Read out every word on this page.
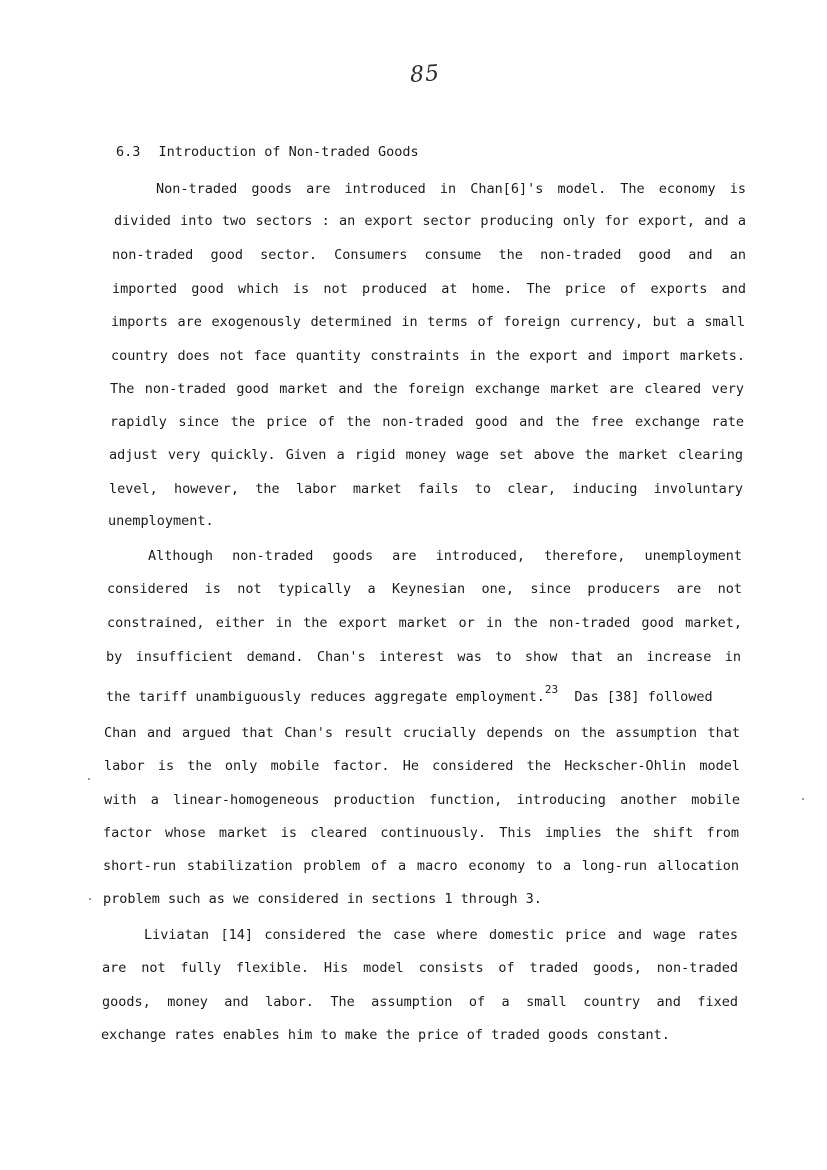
85
6.3 Introduction of Non-traded Goods
Non-traded goods are introduced in Chan[6]'s model. The economy is
divided into two sectors : an export sector producing only for export, and a
non-traded good sector. Consumers consume the non-traded good and an
imported good which is not produced at home. The price of exports and
imports are exogenously determined in terms of foreign currency, but a small
country does not face quantity constraints in the export and import markets.
The non-traded good market and the foreign exchange market are cleared very
rapidly since the price of the non-traded good and the free exchange rate
adjust very quickly. Given a rigid money wage set above the market clearing
level, however, the labor market fails to clear, inducing involuntary
unemployment.
Although non-traded goods are introduced, therefore, unemployment
considered is not typically a Keynesian one, since producers are not
constrained, either in the export market or in the non-traded good market,
by insufficient demand. Chan's interest was to show that an increase in
the tariff unambiguously reduces aggregate employment.$^{23}$ Das [38] followed
Chan and argued that Chan's result crucially depends on the assumption that
labor is the only mobile factor. He considered the Heckscher-Ohlin model
with a linear-homogeneous production function, introducing another mobile
factor whose market is cleared continuously. This implies the shift from
short-run stabilization problem of a macro economy to a long-run allocation
problem such as we considered in sections 1 through 3.
Liviatan [14] considered the case where domestic price and wage rates
are not fully flexible. His model consists of traded goods, non-traded
goods, money and labor. The assumption of a small country and fixed
exchange rates enables him to make the price of traded goods constant.
